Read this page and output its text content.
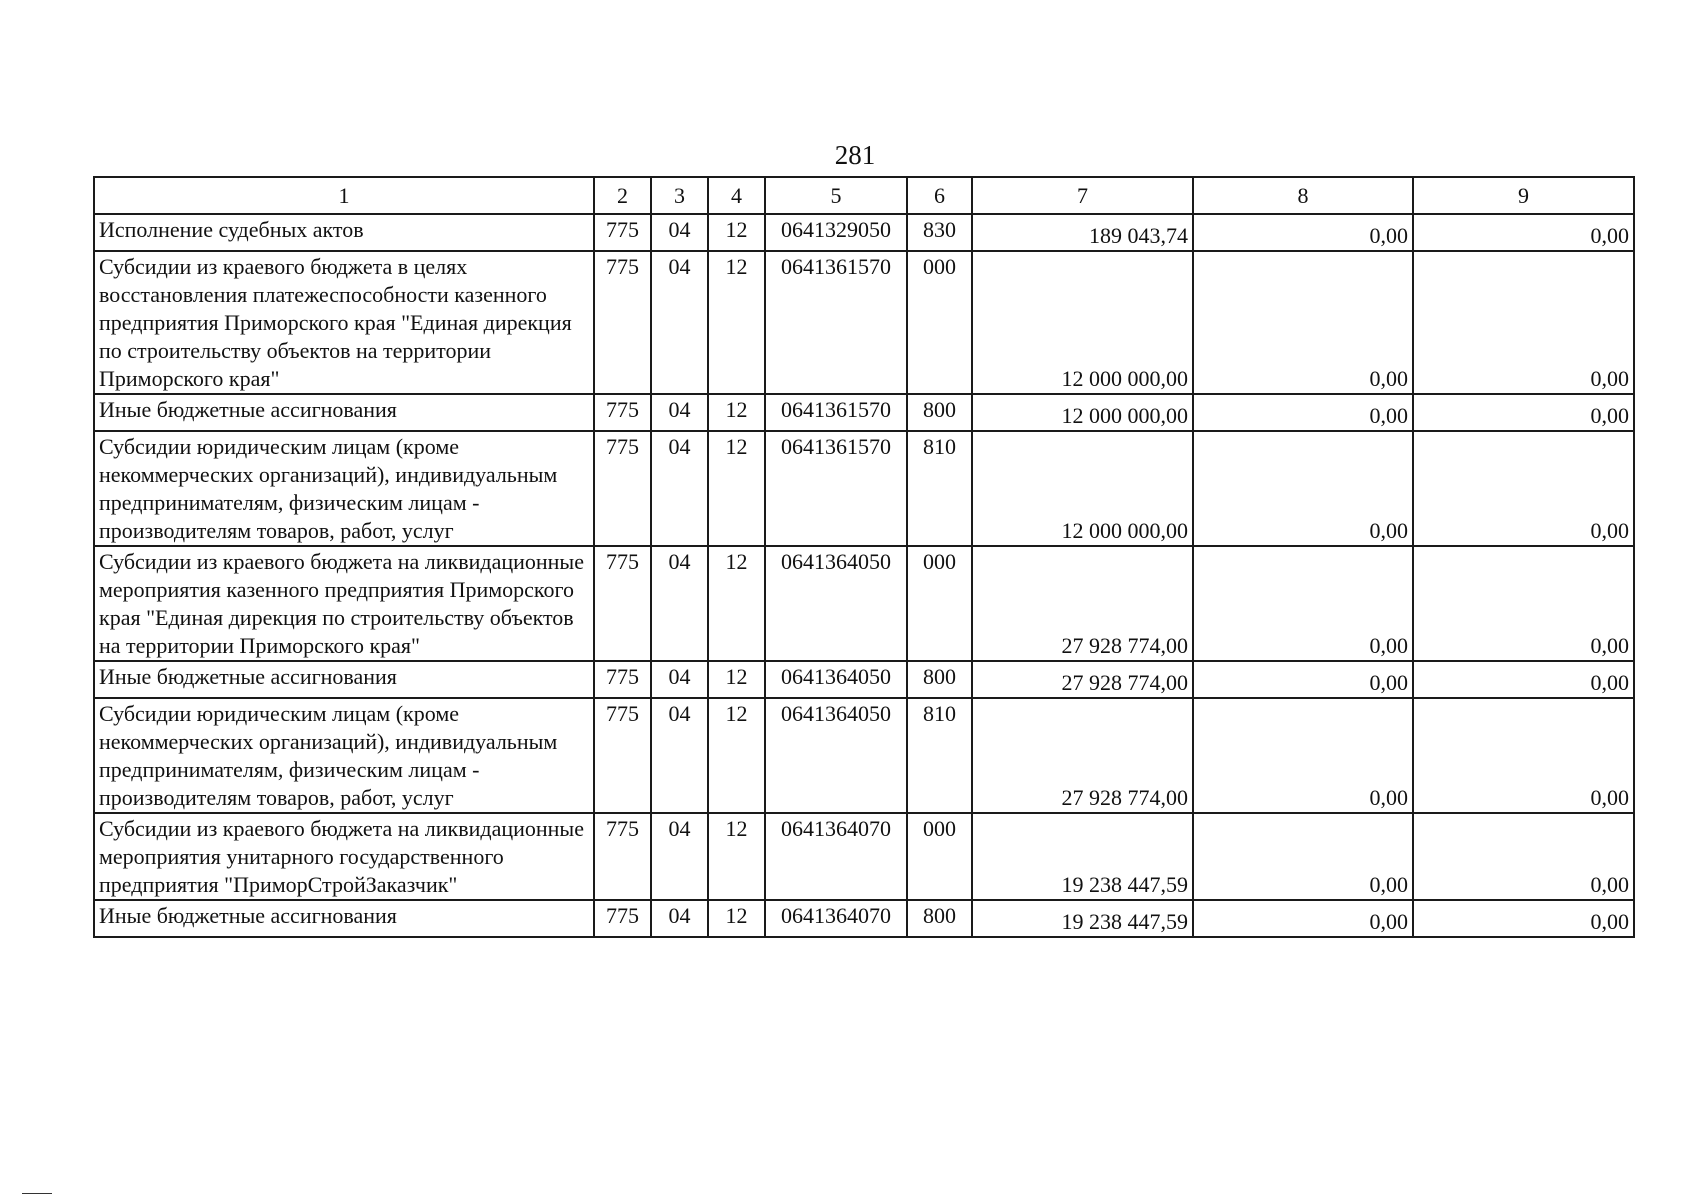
281
1	2	3	4	5	6	7	8	9
Исполнение судебных актов	775	04	12	0641329050	830	189 043,74	0,00	0,00
Субсидии из краевого бюджета в целях восстановления платежеспособности казенного предприятия Приморского края "Единая дирекция по строительству объектов на территории Приморского края"	775	04	12	0641361570	000	12 000 000,00	0,00	0,00
Иные бюджетные ассигнования	775	04	12	0641361570	800	12 000 000,00	0,00	0,00
Субсидии юридическим лицам (кроме некоммерческих организаций), индивидуальным предпринимателям, физическим лицам - производителям товаров, работ, услуг	775	04	12	0641361570	810	12 000 000,00	0,00	0,00
Субсидии из краевого бюджета на ликвидационные мероприятия казенного предприятия Приморского края "Единая дирекция по строительству объектов на территории Приморского края"	775	04	12	0641364050	000	27 928 774,00	0,00	0,00
Иные бюджетные ассигнования	775	04	12	0641364050	800	27 928 774,00	0,00	0,00
Субсидии юридическим лицам (кроме некоммерческих организаций), индивидуальным предпринимателям, физическим лицам - производителям товаров, работ, услуг	775	04	12	0641364050	810	27 928 774,00	0,00	0,00
Субсидии из краевого бюджета на ликвидационные мероприятия унитарного государственного предприятия "ПриморСтройЗаказчик"	775	04	12	0641364070	000	19 238 447,59	0,00	0,00
Иные бюджетные ассигнования	775	04	12	0641364070	800	19 238 447,59	0,00	0,00
